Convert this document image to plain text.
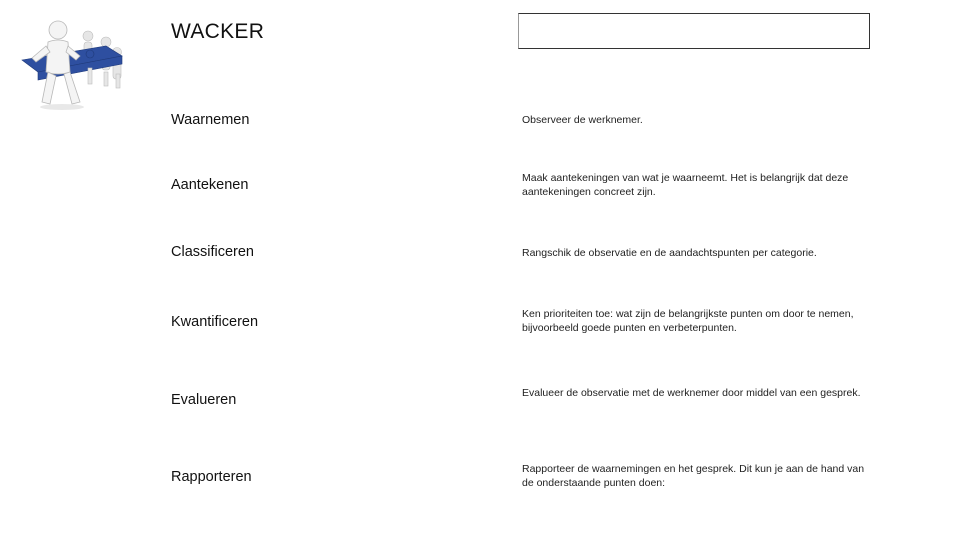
WACKER
Waarnemen	Observeer de werknemer.
Aantekenen	Maak aantekeningen van wat je waarneemt. Het is belangrijk dat deze aantekeningen concreet zijn.
Classificeren	Rangschik de observatie en de aandachtspunten per categorie.
Kwantificeren	Ken prioriteiten toe: wat zijn de belangrijkste punten om door te nemen, bijvoorbeeld goede punten en verbeterpunten.
Evalueren	Evalueer de observatie met de werknemer door middel van een gesprek.
Rapporteren	Rapporteer de waarnemingen en het gesprek. Dit kun je aan de hand van de onderstaande punten doen:
